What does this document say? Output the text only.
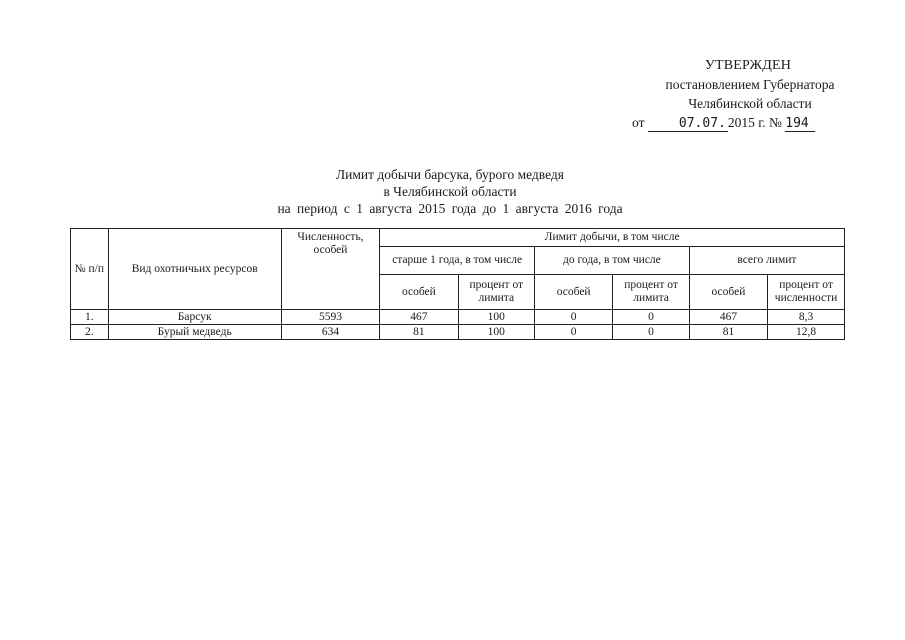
УТВЕРЖДЕН
постановлением Губернатора
Челябинской области
от	07.07. 2015 г. № 194
Лимит добычи барсука, бурого медведя
в Челябинской области
на период с 1 августа 2015 года до 1 августа 2016 года
№ п/п	Вид охотничьих ресурсов	Численность, особей	Лимит добычи, в том числе					
			старше 1 года, в том числе		до года, в том числе		всего лимит	
			особей	процент от лимита	особей	процент от лимита	особей	процент от численности
1.	Барсук	5593	467	100	0	0	467	8,3
2.	Бурый медведь	634	81	100	0	0	81	12,8
